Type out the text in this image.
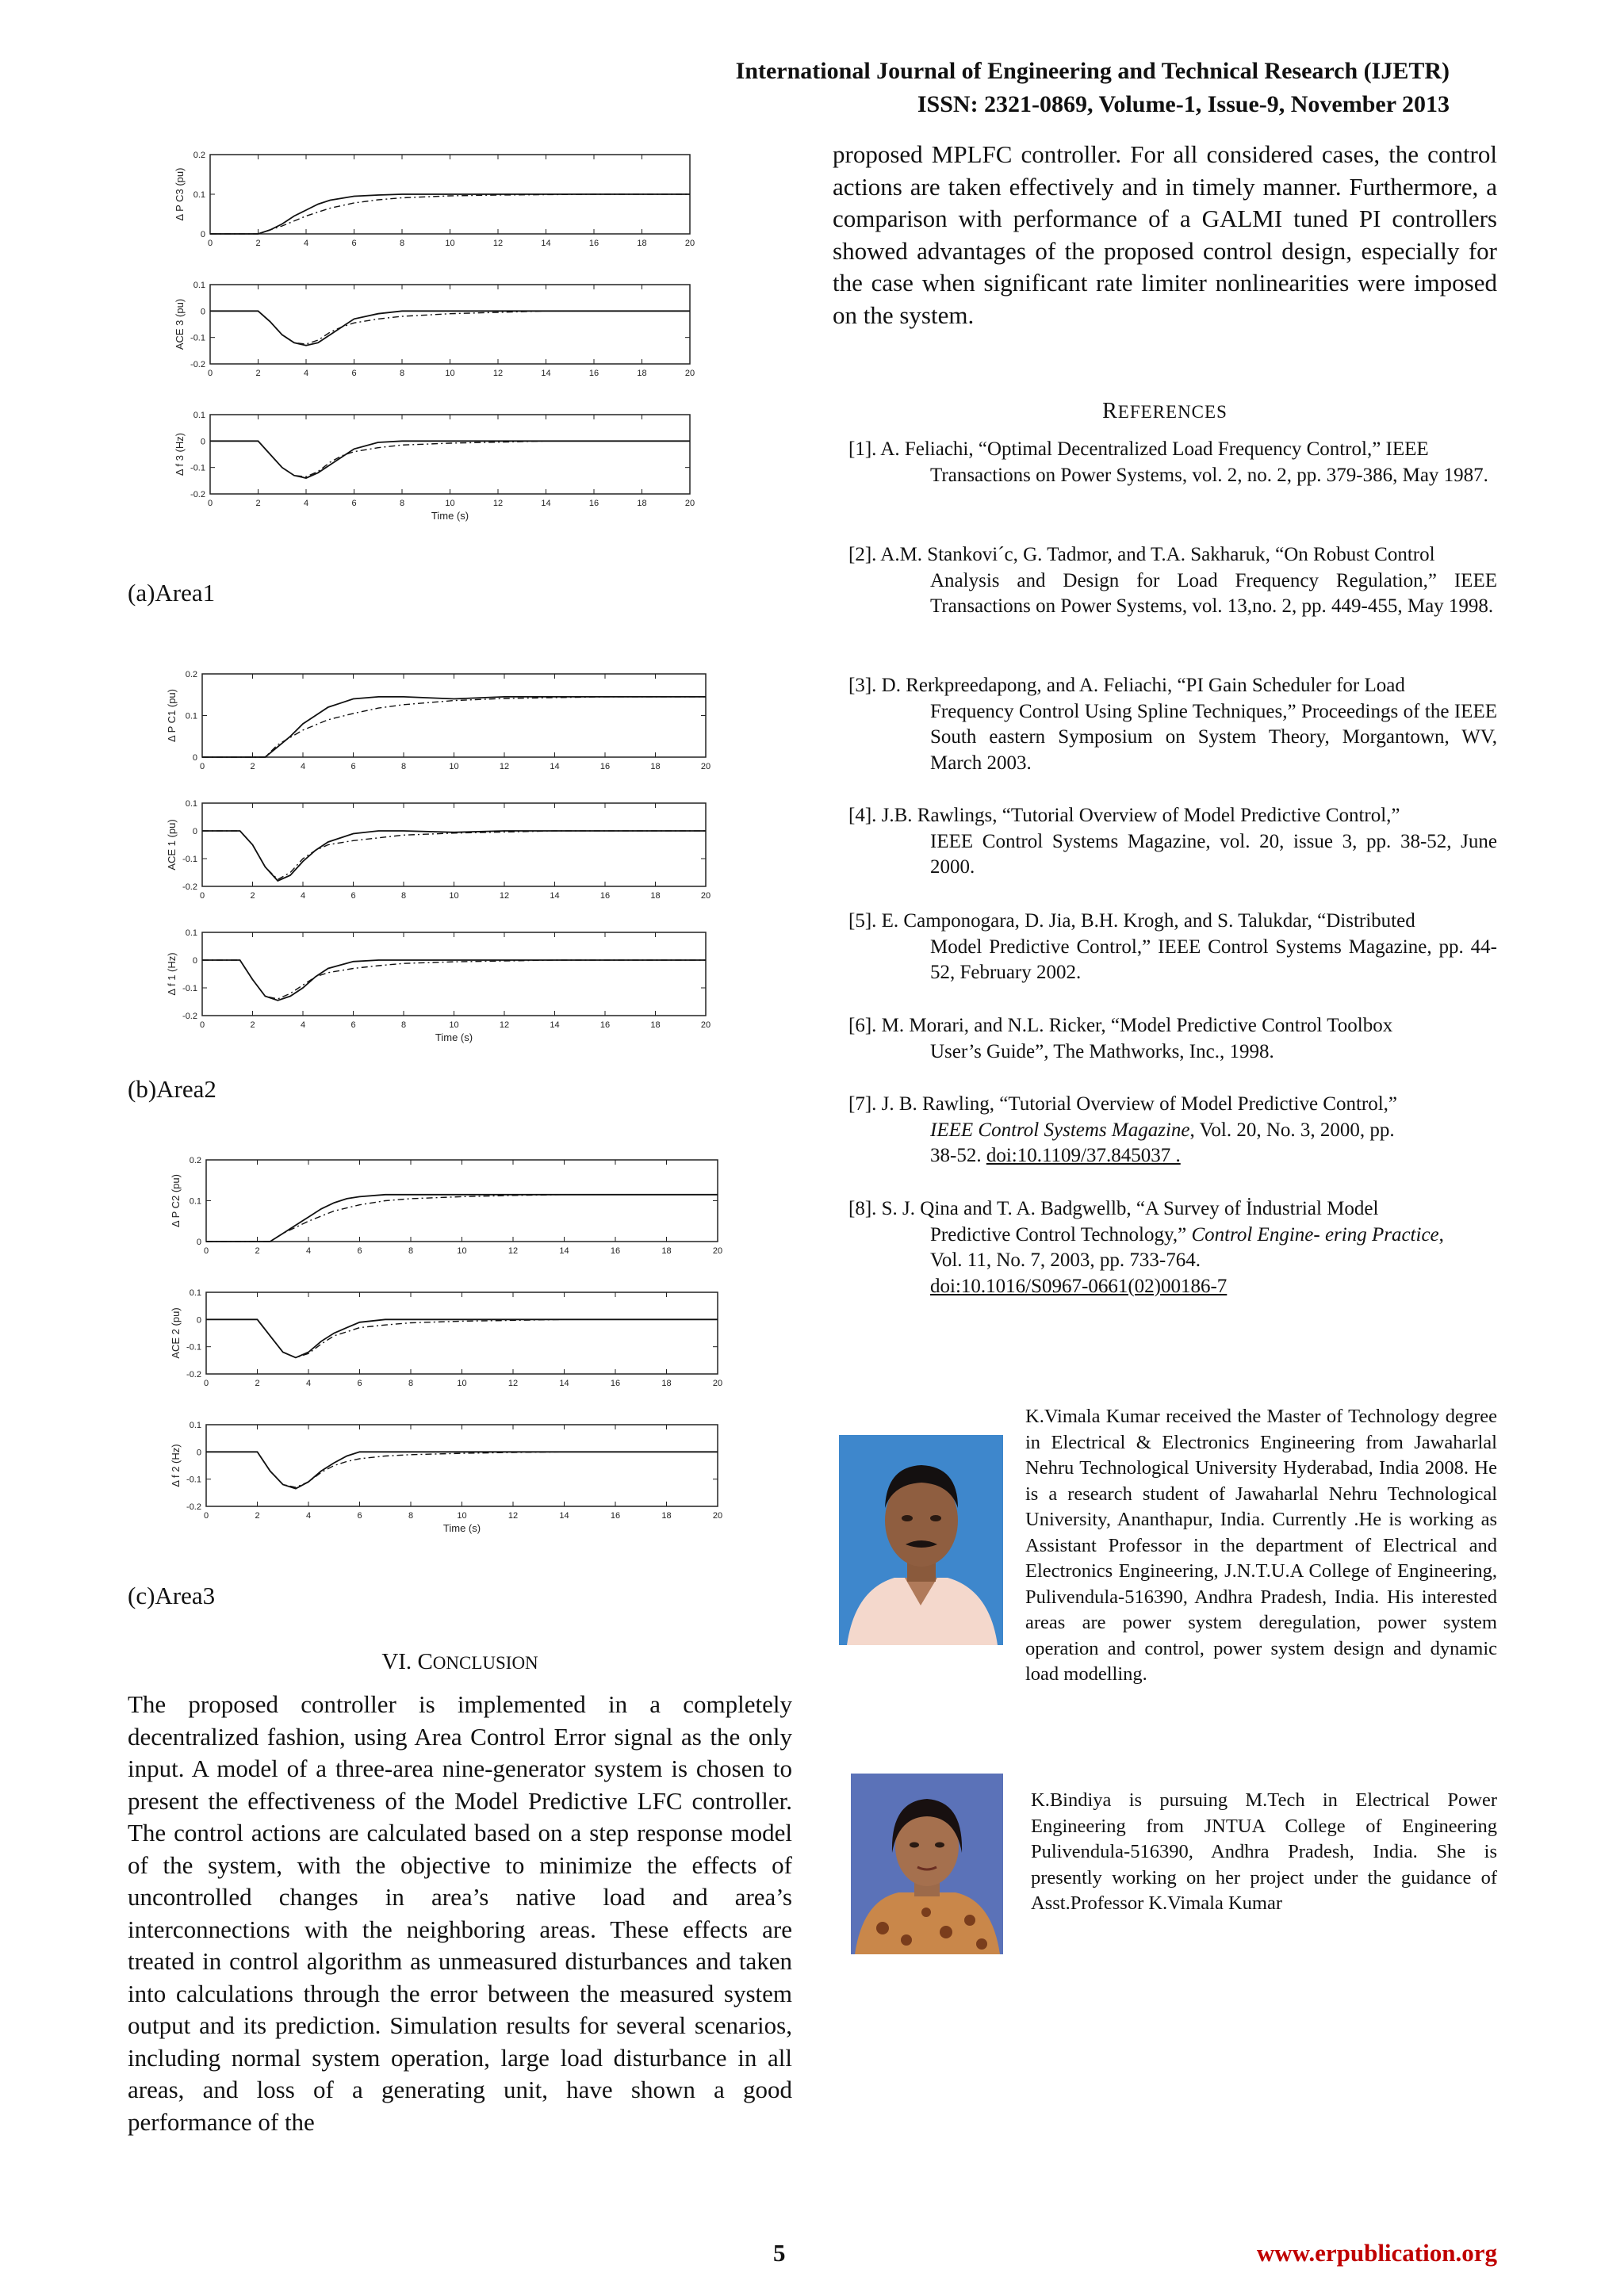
International Journal of Engineering and Technical Research (IJETR)
ISSN: 2321-0869, Volume-1, Issue-9, November 2013
0
0.1
0.2
0	2	4	6	8	10	12	14	16	18	20
Δ P C3 (pu)
-0.2
-0.1
0
0.1
0	2	4	6	8	10	12	14	16	18	20
ACE 3 (pu)
-0.2
-0.1
0
0.1
0	2	4	6	8	10	12	14	16	18	20
Δ f 3 (Hz)
Time (s)
(a)Area1
0
0.1
0.2
0	2	4	6	8	10	12	14	16	18	20
Δ P C1 (pu)
-0.2
-0.1
0
0.1
0	2	4	6	8	10	12	14	16	18	20
ACE 1 (pu)
-0.2
-0.1
0
0.1
0	2	4	6	8	10	12	14	16	18	20
Δ f 1 (Hz)
Time (s)
(b)Area2
0
0.1
0.2
0	2	4	6	8	10	12	14	16	18	20
Δ P C2 (pu)
-0.2
-0.1
0
0.1
0	2	4	6	8	10	12	14	16	18	20
ACE 2 (pu)
-0.2
-0.1
0
0.1
0	2	4	6	8	10	12	14	16	18	20
Δ f 2 (Hz)
Time (s)
(c)Area3
VI. CONCLUSION
The proposed controller is implemented in a completely decentralized fashion, using Area Control Error signal as the only input. A model of a three-area nine-generator system is chosen to present the effectiveness of the Model Predictive LFC controller. The control actions are calculated based on a step response model of the system, with the objective to minimize the effects of uncontrolled changes in area’s native load and area’s interconnections with the neighboring areas. These effects are treated in control algorithm as unmeasured disturbances and taken into calculations through the error between the measured system output and its prediction. Simulation results for several scenarios, including normal system operation, large load disturbance in all areas, and loss of a generating unit, have shown a good performance of the
proposed MPLFC controller. For all considered cases, the control actions are taken effectively and in timely manner. Furthermore, a comparison with performance of a GALMI tuned PI controllers showed advantages of the proposed control design, especially for the case when significant rate limiter nonlinearities were imposed on the system.
REFERENCES
[1]. A. Feliachi, “Optimal Decentralized Load Frequency Control,” IEEE
Transactions on Power Systems, vol. 2, no. 2, pp. 379-386, May 1987.
[2]. A.M. Stankovi´c, G. Tadmor, and T.A. Sakharuk, “On Robust Control
Analysis and Design for Load Frequency Regulation,” IEEE Transactions on Power Systems, vol. 13,no. 2, pp. 449-455, May 1998.
[3]. D. Rerkpreedapong, and A. Feliachi, “PI Gain Scheduler for Load
Frequency Control Using Spline Techniques,” Proceedings of the IEEE South eastern Symposium on System Theory, Morgantown, WV, March 2003.
[4]. J.B. Rawlings, “Tutorial Overview of Model Predictive Control,”
IEEE Control Systems Magazine, vol. 20, issue 3, pp. 38-52, June 2000.
[5]. E. Camponogara, D. Jia, B.H. Krogh, and S. Talukdar, “Distributed
Model Predictive Control,” IEEE Control Systems Magazine, pp. 44-52, February 2002.
[6]. M. Morari, and N.L. Ricker, “Model Predictive Control Toolbox
User’s Guide”, The Mathworks, Inc., 1998.
[7]. J. B. Rawling, “Tutorial Overview of Model Predictive Control,”
IEEE Control Systems Magazine, Vol. 20, No. 3, 2000, pp.
38-52. doi:10.1109/37.845037 .
[8]. S. J. Qina and T. A. Badgwellb, “A Survey of İndustrial Model
Predictive Control Technology,” Control Engine- ering Practice,
Vol. 11, No. 7, 2003, pp. 733-764.
doi:10.1016/S0967-0661(02)00186-7
K.Vimala Kumar received the Master of Technology degree in Electrical & Electronics Engineering from Jawaharlal Nehru Technological University Hyderabad, India 2008. He is a research student of Jawaharlal Nehru Technological University, Ananthapur, India. Currently .He is working as Assistant Professor in the department of Electrical and Electronics Engineering, J.N.T.U.A College of Engineering, Pulivendula-516390, Andhra Pradesh, India. His interested areas are power system deregulation, power system operation and control, power system design and dynamic load modelling.
K.Bindiya is pursuing M.Tech in Electrical Power Engineering from JNTUA College of Engineering Pulivendula-516390, Andhra Pradesh, India. She is presently working on her project under the guidance of Asst.Professor K.Vimala Kumar
5	www.erpublication.org
